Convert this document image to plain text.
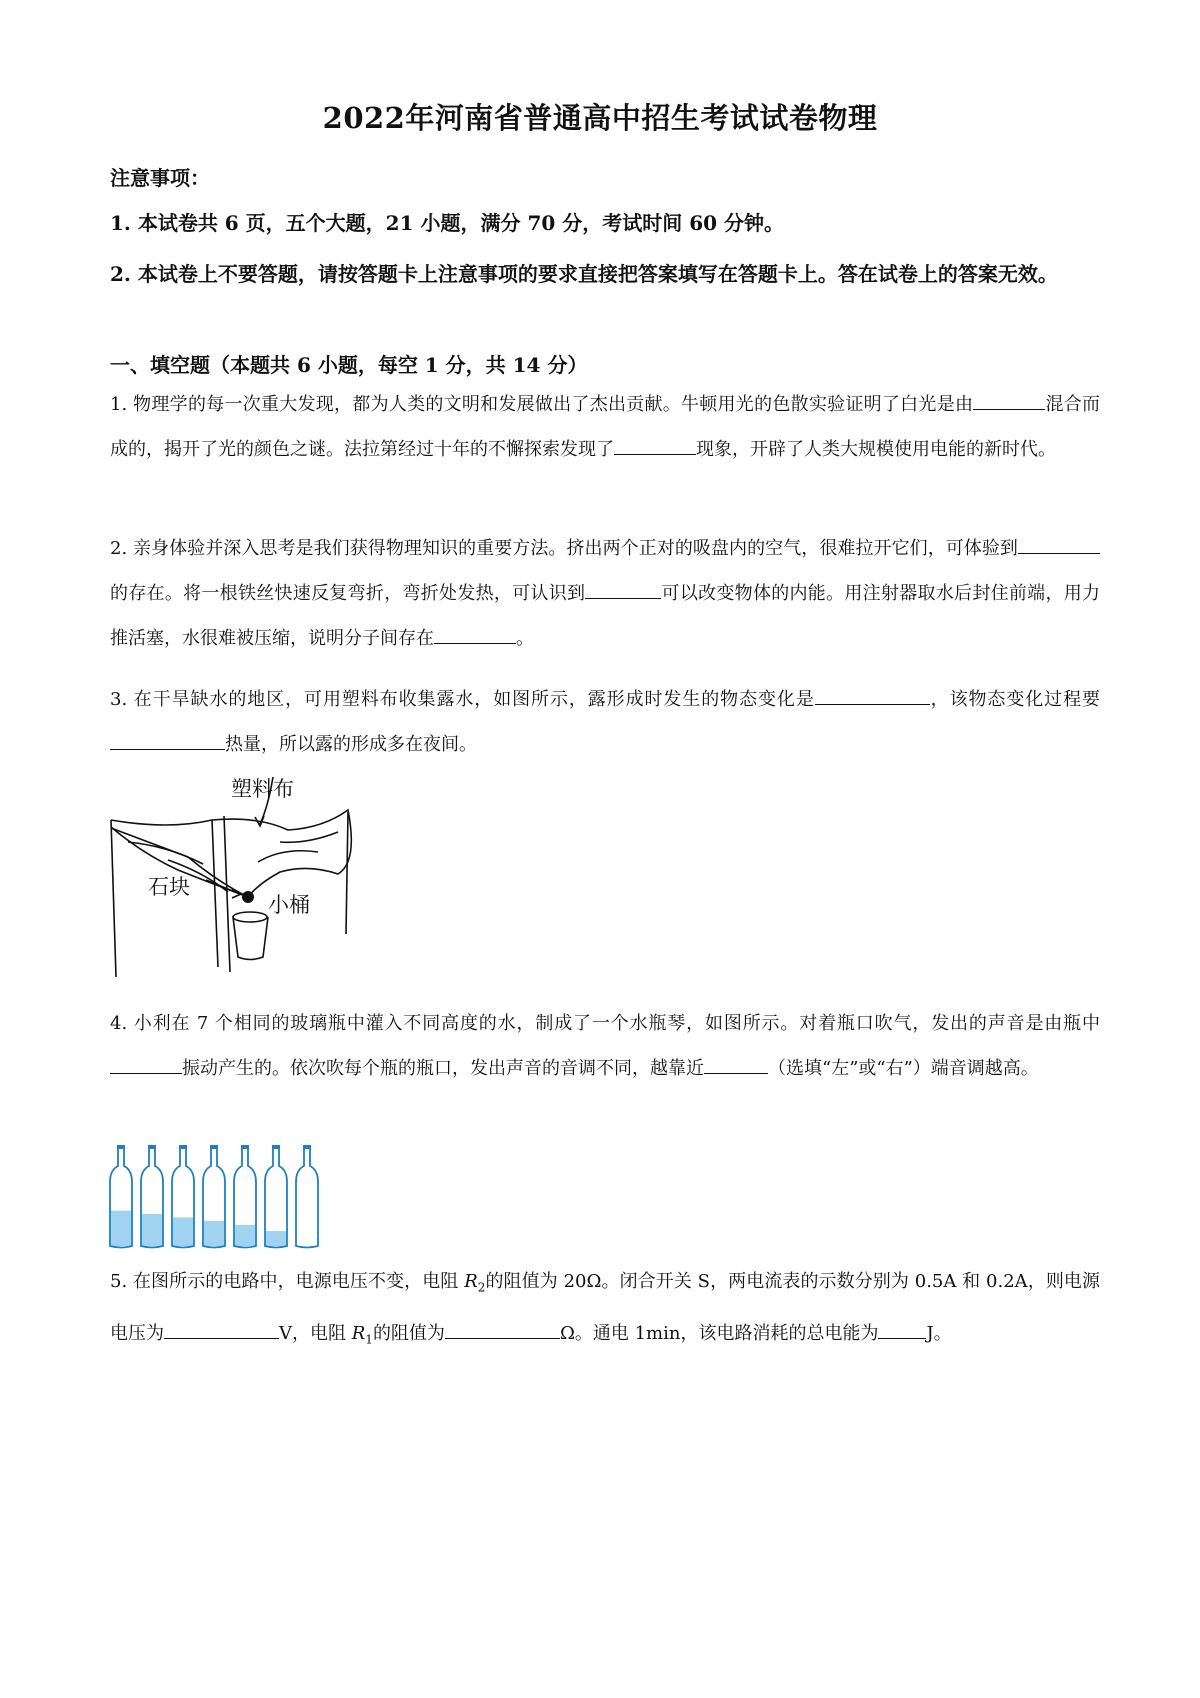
2022年河南省普通高中招生考试试卷物理
注意事项：
1. 本试卷共 6 页，五个大题，21 小题，满分 70 分，考试时间 60 分钟。
2. 本试卷上不要答题，请按答题卡上注意事项的要求直接把答案填写在答题卡上。答在试卷上的答案无效。
一、填空题（本题共 6 小题，每空 1 分，共 14 分）
1. 物理学的每一次重大发现，都为人类的文明和发展做出了杰出贡献。牛顿用光的色散实验证明了白光是由	混合而成的，揭开了光的颜色之谜。法拉第经过十年的不懈探索发现了	现象，开辟了人类大规模使用电能的新时代。
2. 亲身体验并深入思考是我们获得物理知识的重要方法。挤出两个正对的吸盘内的空气，很难拉开它们，可体验到的存在。将一根铁丝快速反复弯折，弯折处发热，可认识到	可以改变物体的内能。用注射器取水后封住前端，用力推活塞，水很难被压缩，说明分子间存在	。
3. 在干旱缺水的地区，可用塑料布收集露水，如图所示，露形成时发生的物态变化是	，该物态变化过程要热量，所以露的形成多在夜间。
塑料布
石块
小桶
4. 小利在 7 个相同的玻璃瓶中灌入不同高度的水，制成了一个水瓶琴，如图所示。对着瓶口吹气，发出的声音是由瓶中振动产生的。依次吹每个瓶的瓶口，发出声音的音调不同，越靠近	（选填“左”或“右”）端音调越高。
5. 在图所示的电路中，电源电压不变，电阻 $R_2$的阻值为 20Ω。闭合开关 S，两电流表的示数分别为 0.5A 和 0.2A，则电源电压为	V，电阻 $R_1$的阻值为	Ω。通电 1min，该电路消耗的总电能为	J。
